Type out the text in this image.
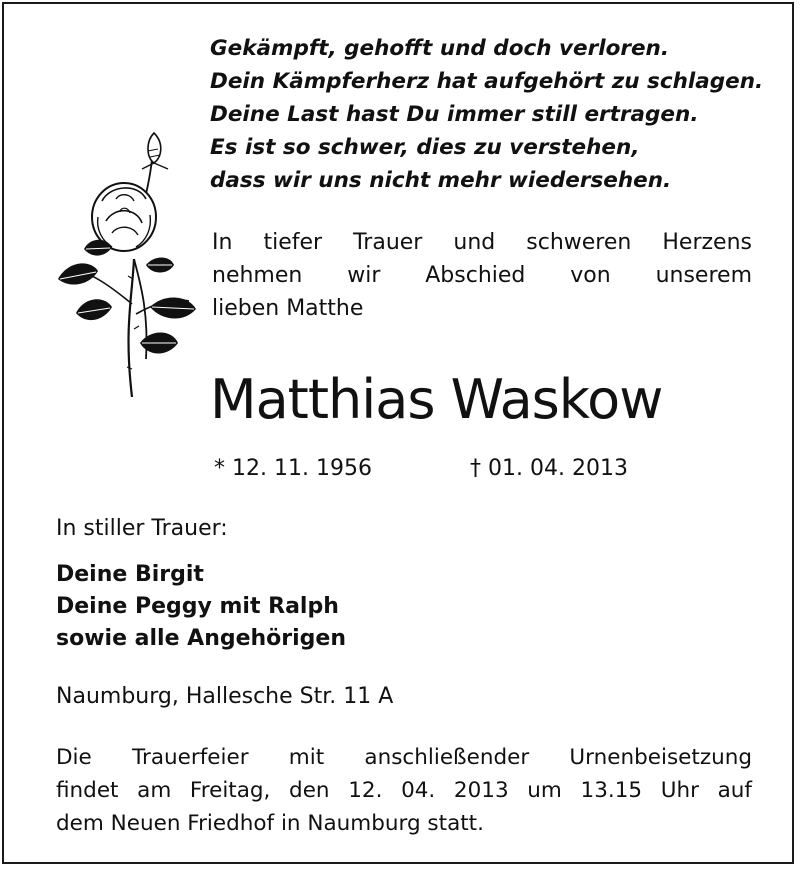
Gekämpft, gehofft und doch verloren.
Dein Kämpferherz hat aufgehört zu schlagen.
Deine Last hast Du immer still ertragen.
Es ist so schwer, dies zu verstehen,
dass wir uns nicht mehr wiedersehen.
In tiefer Trauer und schweren Herzens
nehmen wir Abschied von unserem
lieben Matthe
Matthias Waskow
* 12. 11. 1956	† 01. 04. 2013
In stiller Trauer:
Deine Birgit
Deine Peggy mit Ralph
sowie alle Angehörigen
Naumburg, Hallesche Str. 11 A
Die Trauerfeier mit anschließender Urnenbeisetzung
findet am Freitag, den 12. 04. 2013 um 13.15 Uhr auf
dem Neuen Friedhof in Naumburg statt.
